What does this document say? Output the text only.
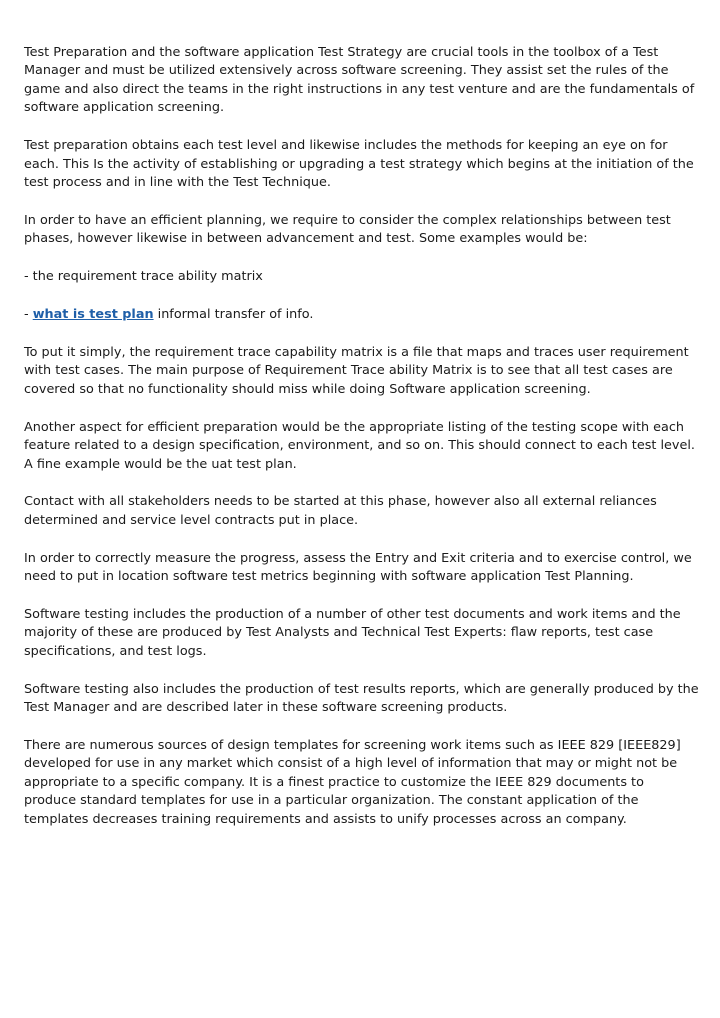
Test Preparation and the software application Test Strategy are crucial tools in the toolbox of a Test Manager and must be utilized extensively across software screening. They assist set the rules of the game and also direct the teams in the right instructions in any test venture and are the fundamentals of software application screening.

Test preparation obtains each test level and likewise includes the methods for keeping an eye on for each. This Is the activity of establishing or upgrading a test strategy which begins at the initiation of the test process and in line with the Test Technique.

In order to have an efficient planning, we require to consider the complex relationships between test phases, however likewise in between advancement and test. Some examples would be:

- the requirement trace ability matrix

- what is test plan informal transfer of info.

To put it simply, the requirement trace capability matrix is a file that maps and traces user requirement with test cases. The main purpose of Requirement Trace ability Matrix is to see that all test cases are covered so that no functionality should miss while doing Software application screening.

Another aspect for efficient preparation would be the appropriate listing of the testing scope with each feature related to a design specification, environment, and so on. This should connect to each test level. A fine example would be the uat test plan.

Contact with all stakeholders needs to be started at this phase, however also all external reliances determined and service level contracts put in place.

In order to correctly measure the progress, assess the Entry and Exit criteria and to exercise control, we need to put in location software test metrics beginning with software application Test Planning.

Software testing includes the production of a number of other test documents and work items and the majority of these are produced by Test Analysts and Technical Test Experts: flaw reports, test case specifications, and test logs.

Software testing also includes the production of test results reports, which are generally produced by the Test Manager and are described later in these software screening products.

There are numerous sources of design templates for screening work items such as IEEE 829 [IEEE829] developed for use in any market which consist of a high level of information that may or might not be appropriate to a specific company. It is a finest practice to customize the IEEE 829 documents to produce standard templates for use in a particular organization. The constant application of the templates decreases training requirements and assists to unify processes across an company.
